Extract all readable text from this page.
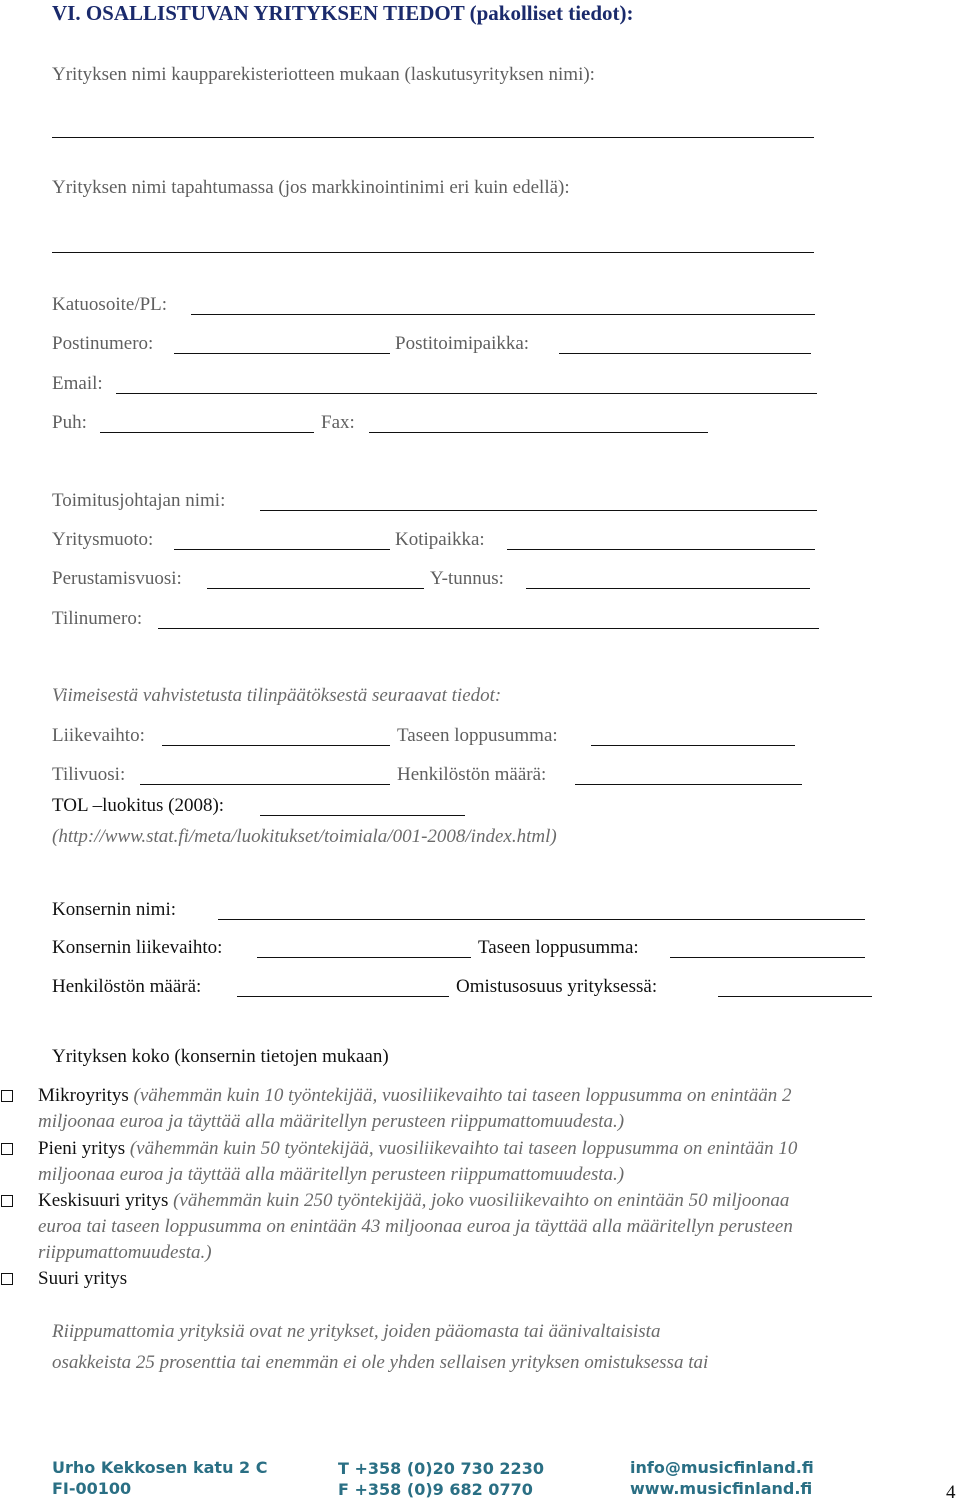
VI. OSALLISTUVAN YRITYKSEN TIEDOT (pakolliset tiedot):
Yrityksen nimi kaupparekisteriotteen mukaan (laskutusyrityksen nimi):
Yrityksen nimi tapahtumassa (jos markkinointinimi eri kuin edellä):
Katuosoite/PL:
Postinumero:	Postitoimipaikka:
Email:
Puh:	Fax:
Toimitusjohtajan nimi:
Yritysmuoto:	Kotipaikka:
Perustamisvuosi:	Y-tunnus:
Tilinumero:
Viimeisestä vahvistetusta tilinpäätöksestä seuraavat tiedot:
Liikevaihto:	Taseen loppusumma:
Tilivuosi:	Henkilöstön määrä:
TOL –luokitus (2008):
(http://www.stat.fi/meta/luokitukset/toimiala/001-2008/index.html)
Konsernin nimi:
Konsernin liikevaihto:	Taseen loppusumma:
Henkilöstön määrä:	Omistusosuus yrityksessä:
Yrityksen koko (konsernin tietojen mukaan)
Mikroyritys (vähemmän kuin 10 työntekijää, vuosiliikevaihto tai taseen loppusumma on enintään 2
miljoonaa euroa ja täyttää alla määritellyn perusteen riippumattomuudesta.)
Pieni yritys (vähemmän kuin 50 työntekijää, vuosiliikevaihto tai taseen loppusumma on enintään 10
miljoonaa euroa ja täyttää alla määritellyn perusteen riippumattomuudesta.)
Keskisuuri yritys (vähemmän kuin 250 työntekijää, joko vuosiliikevaihto on enintään 50 miljoonaa
euroa tai taseen loppusumma on enintään 43 miljoonaa euroa ja täyttää alla määritellyn perusteen
riippumattomuudesta.)
Suuri yritys
Riippumattomia yrityksiä ovat ne yritykset, joiden pääomasta tai äänivaltaisista
osakkeista 25 prosenttia tai enemmän ei ole yhden sellaisen yrityksen omistuksessa tai
Urho Kekkosen katu 2 C
FI-00100
T +358 (0)20 730 2230
F +358 (0)9 682 0770
info@musicfinland.fi
www.musicfinland.fi	4
